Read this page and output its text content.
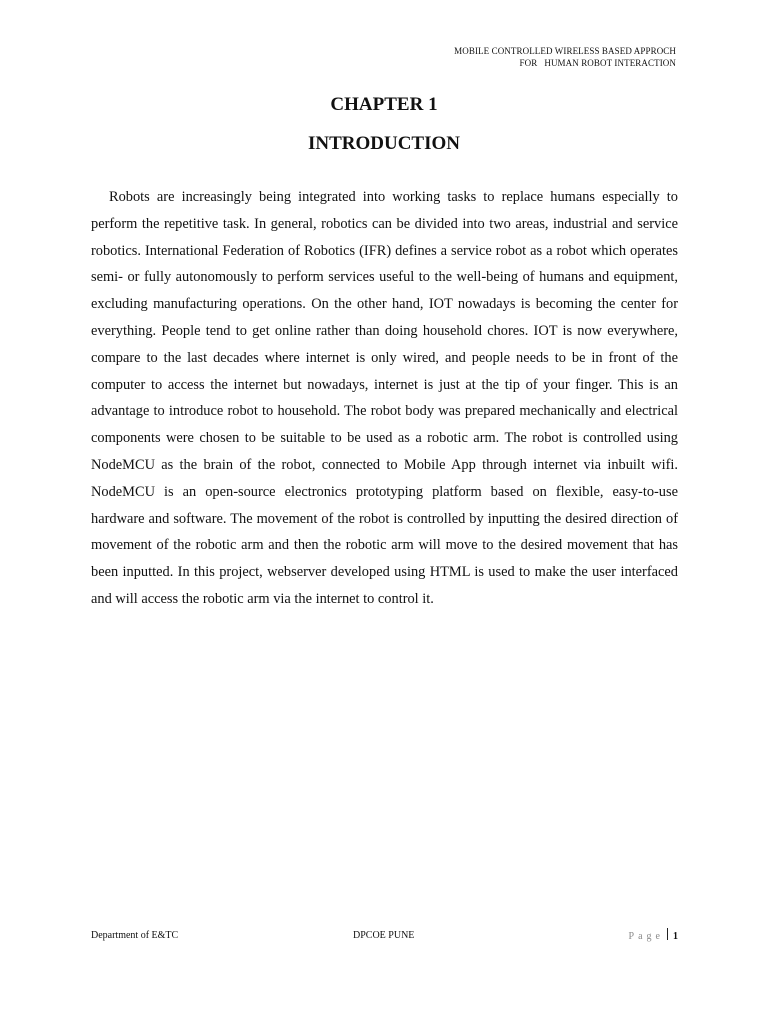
MOBILE CONTROLLED WIRELESS BASED APPROCH
FOR   HUMAN ROBOT INTERACTION
CHAPTER 1
INTRODUCTION

Robots are increasingly being integrated into working tasks to replace humans especially to perform the repetitive task. In general, robotics can be divided into two areas, industrial and service robotics. International Federation of Robotics (IFR) defines a service robot as a robot which operates semi- or fully autonomously to perform services useful to the well-being of humans and equipment, excluding manufacturing operations. On the other hand, IOT nowadays is becoming the center for everything. People tend to get online rather than doing household chores. IOT is now everywhere, compare to the last decades where internet is only wired, and people needs to be in front of the computer to access the internet but nowadays, internet is just at the tip of your finger. This is an advantage to introduce robot to household. The robot body was prepared mechanically and electrical components were chosen to be suitable to be used as a robotic arm. The robot is controlled using NodeMCU as the brain of the robot, connected to Mobile App through internet via inbuilt wifi. NodeMCU is an open-source electronics prototyping platform based on flexible, easy-to-use hardware and software. The movement of the robot is controlled by inputting the desired direction of movement of the robotic arm and then the robotic arm will move to the desired movement that has been inputted. In this project, webserver developed using HTML is used to make the user interfaced and will access the robotic arm via the internet to control it.

Department of E&TC	DPCOE PUNE	Page 1
